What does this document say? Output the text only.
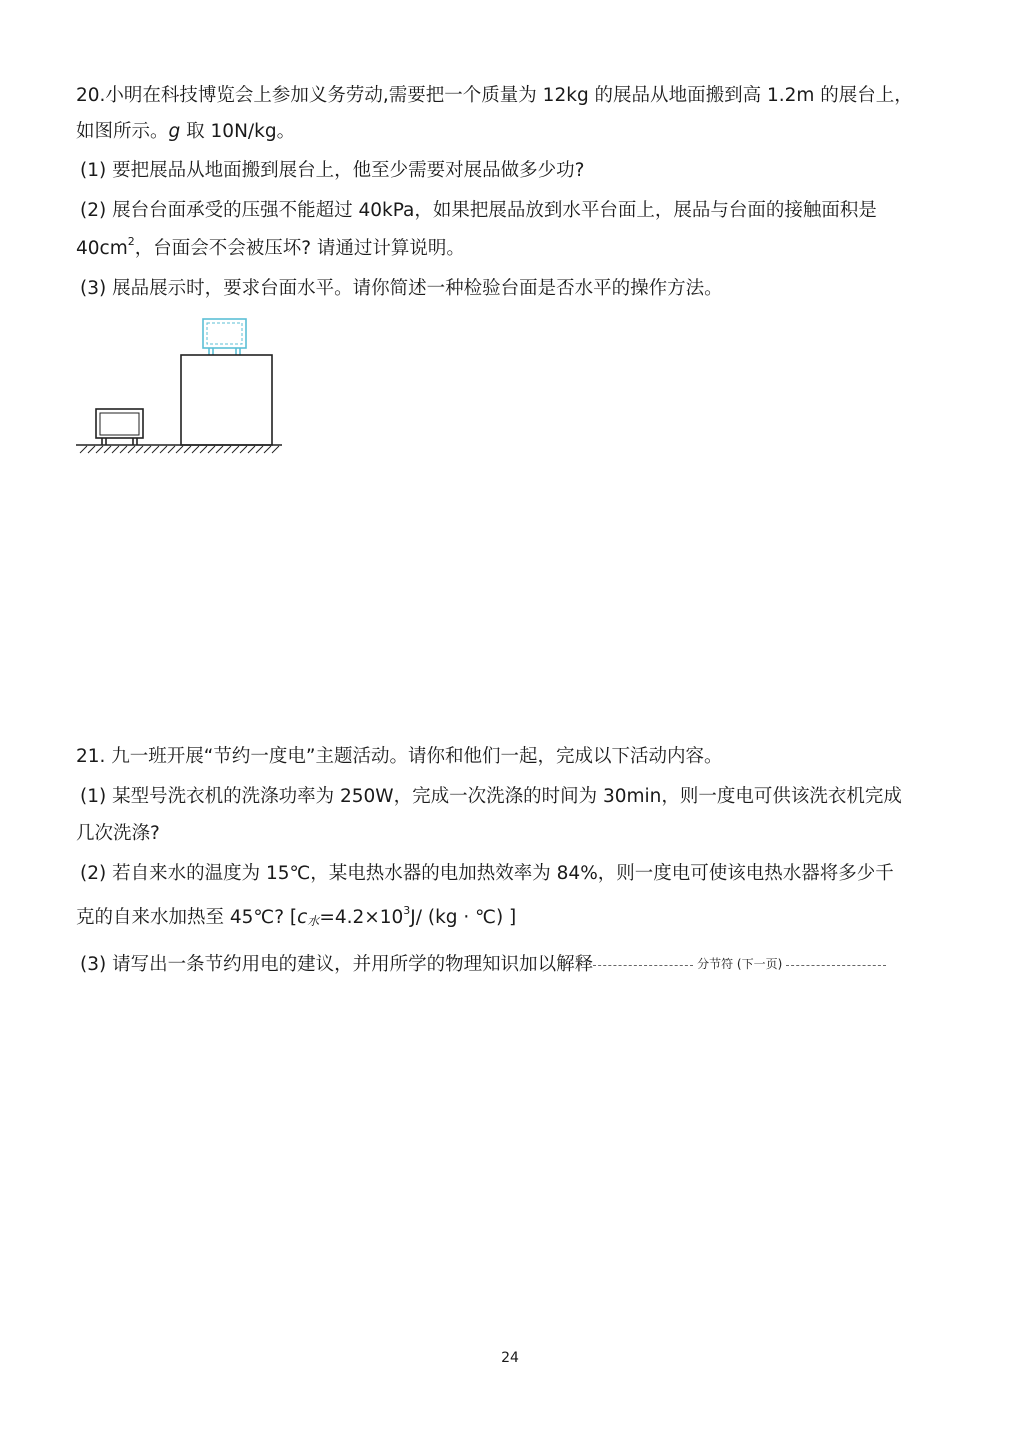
20.小明在科技博览会上参加义务劳动,需要把一个质量为 12kg 的展品从地面搬到高 1.2m 的展台上，
如图所示。g 取 10N/kg。
(1) 要把展品从地面搬到展台上，他至少需要对展品做多少功?
(2) 展台台面承受的压强不能超过 40kPa，如果把展品放到水平台面上，展品与台面的接触面积是
$40cm^2$，台面会不会被压坏? 请通过计算说明。
(3) 展品展示时，要求台面水平。请你简述一种检验台面是否水平的操作方法。
21. 九一班开展“节约一度电”主题活动。请你和他们一起，完成以下活动内容。
(1) 某型号洗衣机的洗涤功率为 250W，完成一次洗涤的时间为 30min，则一度电可供该洗衣机完成
几次洗涤?
(2) 若自来水的温度为 15℃，某电热水器的电加热效率为 84%，则一度电可使该电热水器将多少千
克的自来水加热至 45℃? [c水$=4.2\times 10^3J/$ (kg · ℃) ]
(3) 请写出一条节约用电的建议，并用所学的物理知识加以解释	分节符 (下一页)
24
